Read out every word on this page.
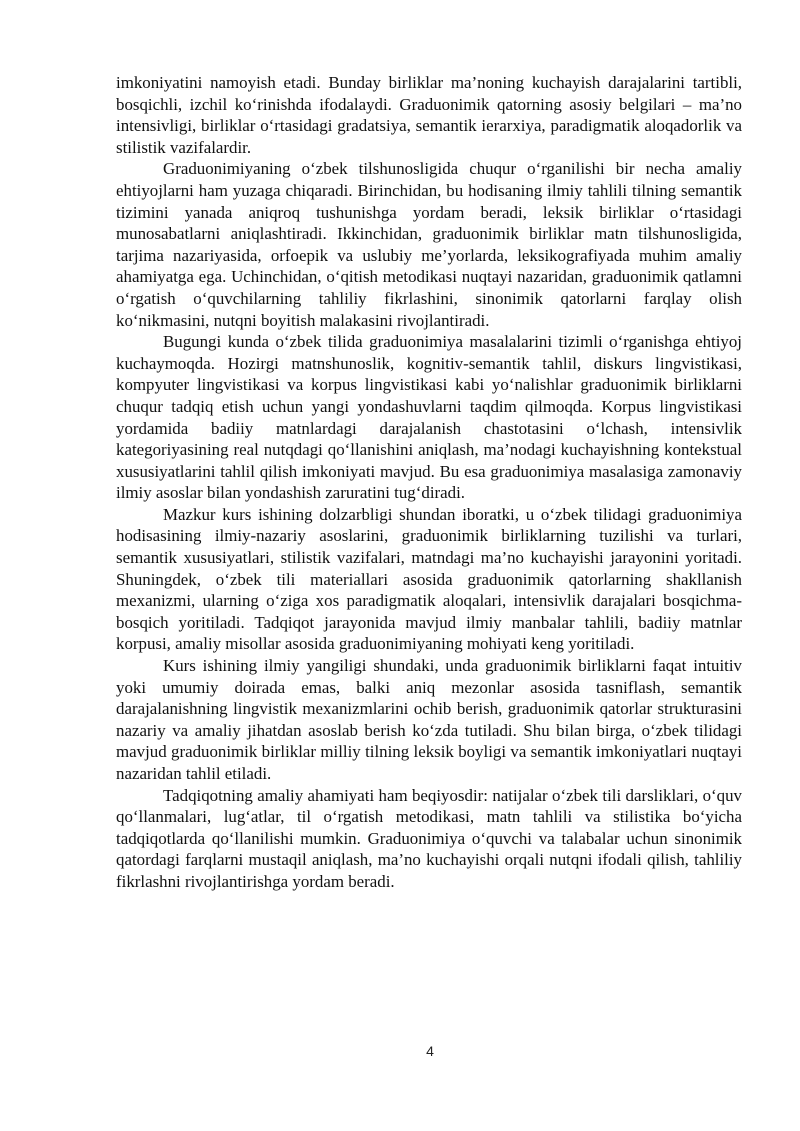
imkoniyatini namoyish etadi. Bunday birliklar ma’noning kuchayish darajalarini tartibli, bosqichli, izchil ko‘rinishda ifodalaydi. Graduonimik qatorning asosiy belgilari – ma’no intensivligi, birliklar o‘rtasidagi gradatsiya, semantik ierarxiya, paradigmatik aloqadorlik va stilistik vazifalardir.

Graduonimiyaning o‘zbek tilshunosligida chuqur o‘rganilishi bir necha amaliy ehtiyojlarni ham yuzaga chiqaradi. Birinchidan, bu hodisaning ilmiy tahlili tilning semantik tizimini yanada aniqroq tushunishga yordam beradi, leksik birliklar o‘rtasidagi munosabatlarni aniqlashtiradi. Ikkinchidan, graduonimik birliklar matn tilshunosligida, tarjima nazariyasida, orfoepik va uslubiy me’yorlarda, leksikografiyada muhim amaliy ahamiyatga ega. Uchinchidan, o‘qitish metodikasi nuqtayi nazaridan, graduonimik qatlamni o‘rgatish o‘quvchilarning tahliliy fikrlashini, sinonimik qatorlarni farqlay olish ko‘nikmasini, nutqni boyitish malakasini rivojlantiradi.

Bugungi kunda o‘zbek tilida graduonimiya masalalarini tizimli o‘rganishga ehtiyoj kuchaymoqda. Hozirgi matnshunoslik, kognitiv-semantik tahlil, diskurs lingvistikasi, kompyuter lingvistikasi va korpus lingvistikasi kabi yo‘nalishlar graduonimik birliklarni chuqur tadqiq etish uchun yangi yondashuvlarni taqdim qilmoqda. Korpus lingvistikasi yordamida badiiy matnlardagi darajalanish chastotasini o‘lchash, intensivlik kategoriyasining real nutqdagi qo‘llanishini aniqlash, ma’nodagi kuchayishning kontekstual xususiyatlarini tahlil qilish imkoniyati mavjud. Bu esa graduonimiya masalasiga zamonaviy ilmiy asoslar bilan yondashish zaruratini tug‘diradi.

Mazkur kurs ishining dolzarbligi shundan iboratki, u o‘zbek tilidagi graduonimiya hodisasining ilmiy-nazariy asoslarini, graduonimik birliklarning tuzilishi va turlari, semantik xususiyatlari, stilistik vazifalari, matndagi ma’no kuchayishi jarayonini yoritadi. Shuningdek, o‘zbek tili materiallari asosida graduonimik qatorlarning shakllanish mexanizmi, ularning o‘ziga xos paradigmatik aloqalari, intensivlik darajalari bosqichma-bosqich yoritiladi. Tadqiqot jarayonida mavjud ilmiy manbalar tahlili, badiiy matnlar korpusi, amaliy misollar asosida graduonimiyaning mohiyati keng yoritiladi.

Kurs ishining ilmiy yangiligi shundaki, unda graduonimik birliklarni faqat intuitiv yoki umumiy doirada emas, balki aniq mezonlar asosida tasniflash, semantik darajalanishning lingvistik mexanizmlarini ochib berish, graduonimik qatorlar strukturasini nazariy va amaliy jihatdan asoslab berish ko‘zda tutiladi. Shu bilan birga, o‘zbek tilidagi mavjud graduonimik birliklar milliy tilning leksik boyligi va semantik imkoniyatlari nuqtayi nazaridan tahlil etiladi.

Tadqiqotning amaliy ahamiyati ham beqiyosdir: natijalar o‘zbek tili darsliklari, o‘quv qo‘llanmalari, lug‘atlar, til o‘rgatish metodikasi, matn tahlili va stilistika bo‘yicha tadqiqotlarda qo‘llanilishi mumkin. Graduonimiya o‘quvchi va talabalar uchun sinonimik qatordagi farqlarni mustaqil aniqlash, ma’no kuchayishi orqali nutqni ifodali qilish, tahliliy fikrlashni rivojlantirishga yordam beradi.

4
